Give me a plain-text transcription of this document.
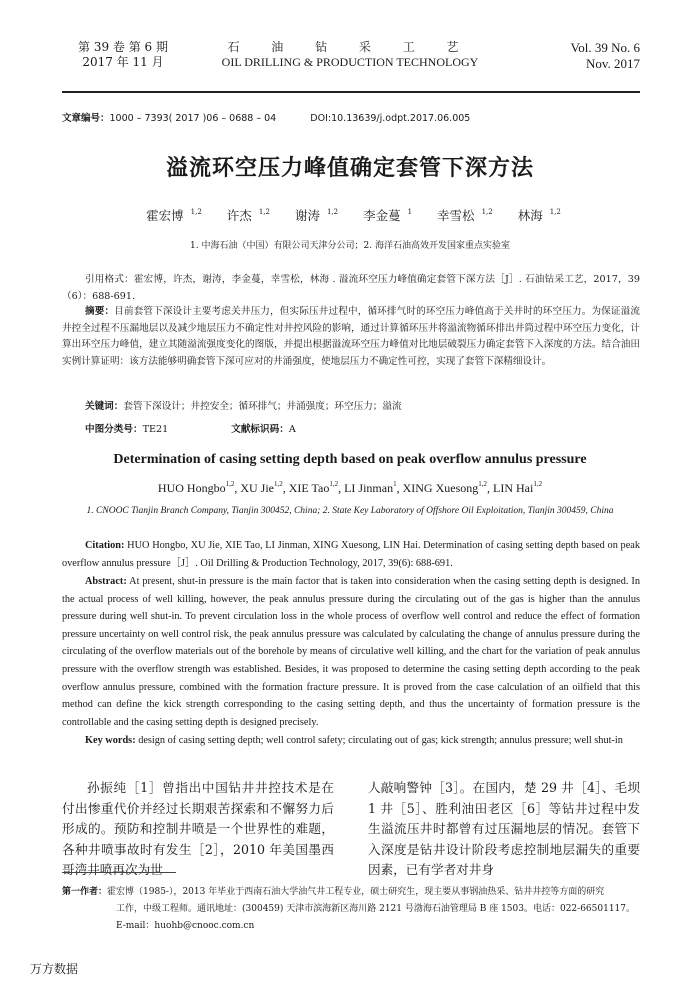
第 39 卷 第 6 期
2017 年 11 月
石 油 钻 采 工 艺
OIL DRILLING & PRODUCTION TECHNOLOGY
Vol. 39 No. 6
Nov. 2017
文章编号：1000 – 7393( 2017 )06 – 0688 – 04	DOI:10.13639/j.odpt.2017.06.005
溢流环空压力峰值确定套管下深方法
霍宏博 $^{1,2}$ 许杰 $^{1,2}$ 谢涛 $^{1,2}$ 李金蔓 $^1$ 幸雪松 $^{1,2}$ 林海 $^{1,2}$
1. 中海石油（中国）有限公司天津分公司；2. 海洋石油高效开发国家重点实验室
引用格式：霍宏博，许杰，谢涛，李金蔓，幸雪松，林海 . 溢流环空压力峰值确定套管下深方法［J］. 石油钻采工艺，2017，39（6）：688-691.
摘要：目前套管下深设计主要考虑关井压力，但实际压井过程中，循环排气时的环空压力峰值高于关井时的环空压力。为保证溢流井控全过程不压漏地层以及减少地层压力不确定性对井控风险的影响，通过计算循环压井将溢流物循环排出井筒过程中环空压力变化，计算出环空压力峰值，建立其随溢流强度变化的图版，并提出根据溢流环空压力峰值对比地层破裂压力确定套管下入深度的方法。结合油田实例计算证明：该方法能够明确套管下深可应对的井涌强度，使地层压力不确定性可控，实现了套管下深精细设计。
关键词：套管下深设计；井控安全；循环排气；井涌强度；环空压力；溢流
中图分类号：TE21	文献标识码：A
Determination of casing setting depth based on peak overflow annulus pressure
HUO Hongbo$^{1,2}$, XU Jie$^{1,2}$, XIE Tao$^{1,2}$, LI Jinman$^1$, XING Xuesong$^{1,2}$, LIN Hai$^{1,2}$
1. CNOOC Tianjin Branch Company, Tianjin 300452, China; 2. State Key Laboratory of Offshore Oil Exploitation, Tianjin 300459, China
Citation: HUO Hongbo, XU Jie, XIE Tao, LI Jinman, XING Xuesong, LIN Hai. Determination of casing setting depth based on peak overflow annulus pressure［J］. Oil Drilling & Production Technology, 2017, 39(6): 688-691.
Abstract: At present, shut-in pressure is the main factor that is taken into consideration when the casing setting depth is designed. In the actual process of well killing, however, the peak annulus pressure during the circulating out of the gas is higher than the annulus pressure during well shut-in. To prevent circulation loss in the whole process of overflow well control and reduce the effect of formation pressure uncertainty on well control risk, the peak annulus pressure was calculated by calculating the change of annulus pressure during the circulating of the overflow materials out of the borehole by means of circulative well killing, and the chart for the variation of peak annulus pressure with the overflow strength was established. Besides, it was proposed to determine the casing setting depth according to the peak overflow annulus pressure, combined with the formation fracture pressure. It is proved from the case calculation of an oilfield that this method can define the kick strength corresponding to the casing setting depth, and thus the uncertainty of formation pressure is the controllable and the casing setting depth is designed precisely.
Key words: design of casing setting depth; well control safety; circulating out of gas; kick strength; annulus pressure; well shut-in
孙振纯［1］曾指出中国钻井井控技术是在付出惨重代价并经过长期艰苦探索和不懈努力后形成的。预防和控制井喷是一个世界性的难题，各种井喷事故时有发生［2］，2010 年美国墨西哥湾井喷再次为世
人敲响警钟［3］。在国内，楚 29 井［4］、毛坝 1 井［5］、胜利油田老区［6］等钻井过程中发生溢流压井时都曾有过压漏地层的情况。套管下入深度是钻井设计阶段考虑控制地层漏失的重要因素，已有学者对井身
第一作者：霍宏博（1985-），2013 年毕业于西南石油大学油气井工程专业，硕士研究生，现主要从事钢油热采、钻井井控等方面的研究
工作，中级工程师。通讯地址：(300459) 天津市滨海新区海川路 2121 号渤海石油管理局 B 座 1503。电话：022-66501117。
E-mail：huohb@cnooc.com.cn
万方数据
